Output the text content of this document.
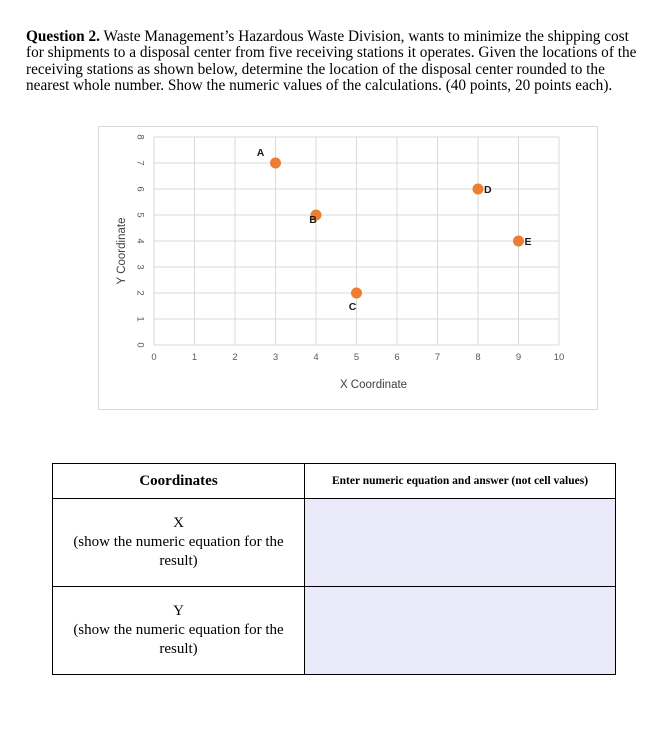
Question 2. Waste Management’s Hazardous Waste Division, wants to minimize the shipping cost for shipments to a disposal center from five receiving stations it operates. Given the locations of the receiving stations as shown below, determine the location of the disposal center rounded to the nearest whole number. Show the numeric values of the calculations. (40 points, 20 points each).
0	1	2	3	4	5	6	7	8	9	10
0
1
2
3
4
5
6
7
8
X Coordinate
Y Coordinate
A
B
C
D
E
Coordinates	Enter numeric equation and answer (not cell values)

X
(show the numeric equation for the
result)	

Y
(show the numeric equation for the
result)	
